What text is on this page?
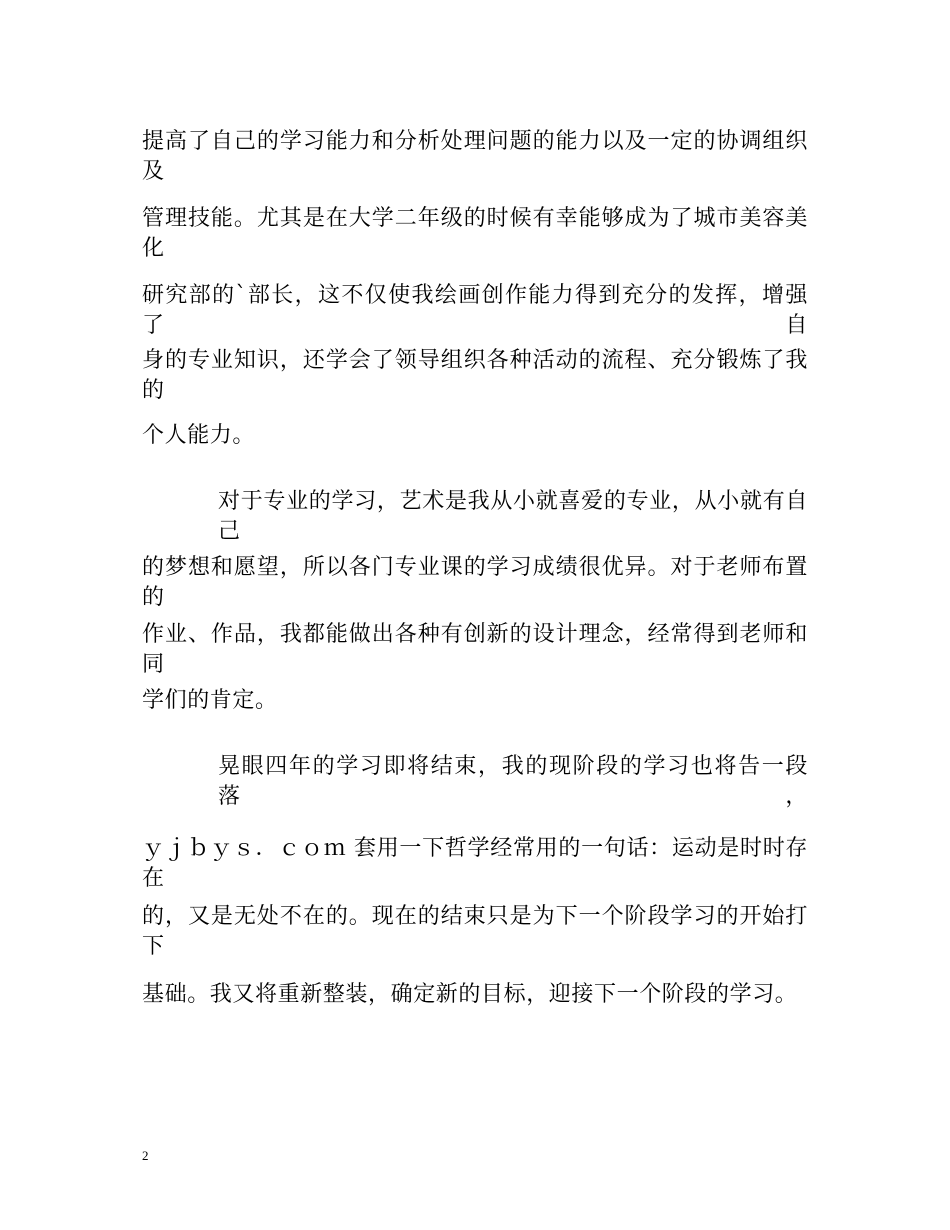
提高了自己的学习能力和分析处理问题的能力以及一定的协调组织及
管理技能。尤其是在大学二年级的时候有幸能够成为了城市美容美化
研究部的`部长，这不仅使我绘画创作能力得到充分的发挥，增强了自
身的专业知识，还学会了领导组织各种活动的流程、充分锻炼了我的
个人能力。
对于专业的学习，艺术是我从小就喜爱的专业，从小就有自己
的梦想和愿望，所以各门专业课的学习成绩很优异。对于老师布置的
作业、作品，我都能做出各种有创新的设计理念，经常得到老师和同
学们的肯定。
晃眼四年的学习即将结束，我的现阶段的学习也将告一段落，
ｙｊｂｙｓ．ｃｏｍ 套用一下哲学经常用的一句话：运动是时时存在
的，又是无处不在的。现在的结束只是为下一个阶段学习的开始打下
基础。我又将重新整装，确定新的目标，迎接下一个阶段的学习。
2
